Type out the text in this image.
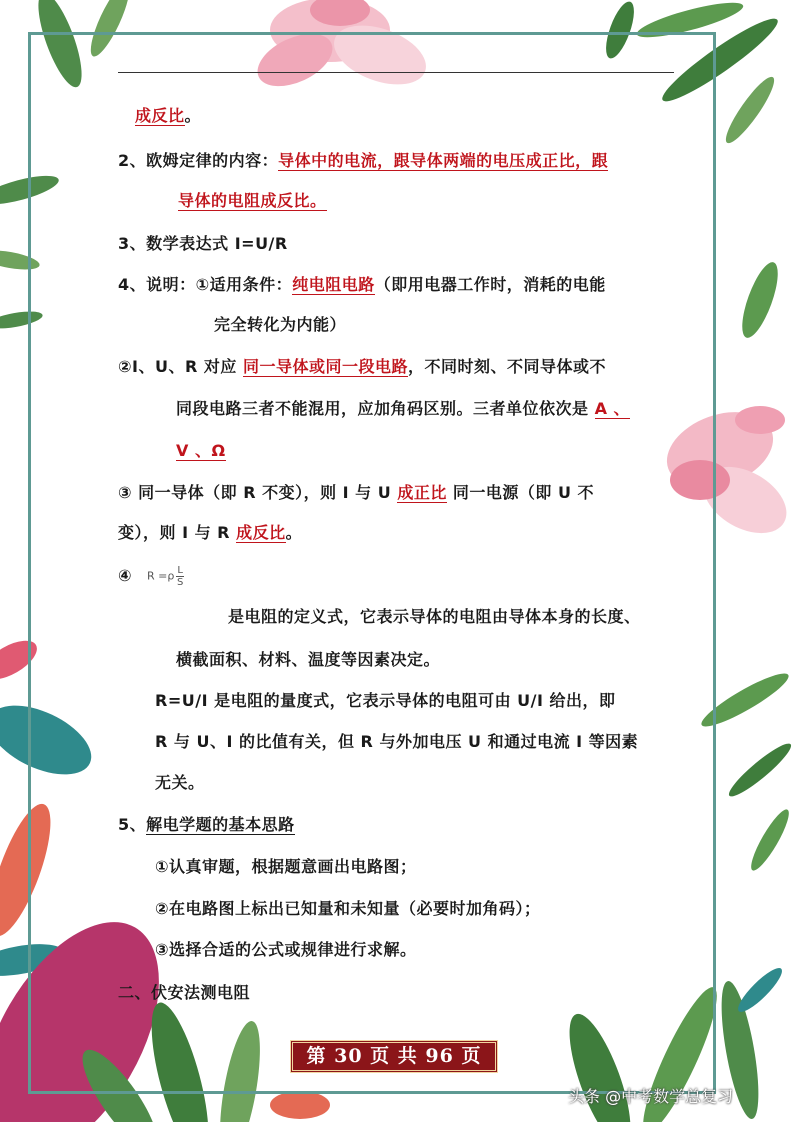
成反比。
2、欧姆定律的内容：导体中的电流，跟导体两端的电压成正比，跟
导体的电阻成反比。
3、数学表达式 I=U/R
4、说明：①适用条件：纯电阻电路（即用电器工作时，消耗的电能
完全转化为内能）
②I、U、R 对应 同一导体或同一段电路，不同时刻、不同导体或不
同段电路三者不能混用，应加角码区别。三者单位依次是 A 、
V 、Ω
③ 同一导体（即 R 不变），则 I 与 U 成正比 同一电源（即 U 不
变），则 I 与 R 成反比。
④ $R =\rho \frac{L}{S}$
是电阻的定义式，它表示导体的电阻由导体本身的长度、
横截面积、材料、温度等因素决定。
R=U/I 是电阻的量度式，它表示导体的电阻可由 U/I 给出，即
R 与 U、I 的比值有关，但 R 与外加电压 U 和通过电流 I 等因素
无关。
5、解电学题的基本思路
①认真审题，根据题意画出电路图；
②在电路图上标出已知量和未知量（必要时加角码）；
③选择合适的公式或规律进行求解。
二、伏安法测电阻
第 30 页 共 96 页
头条 @中考数学总复习
